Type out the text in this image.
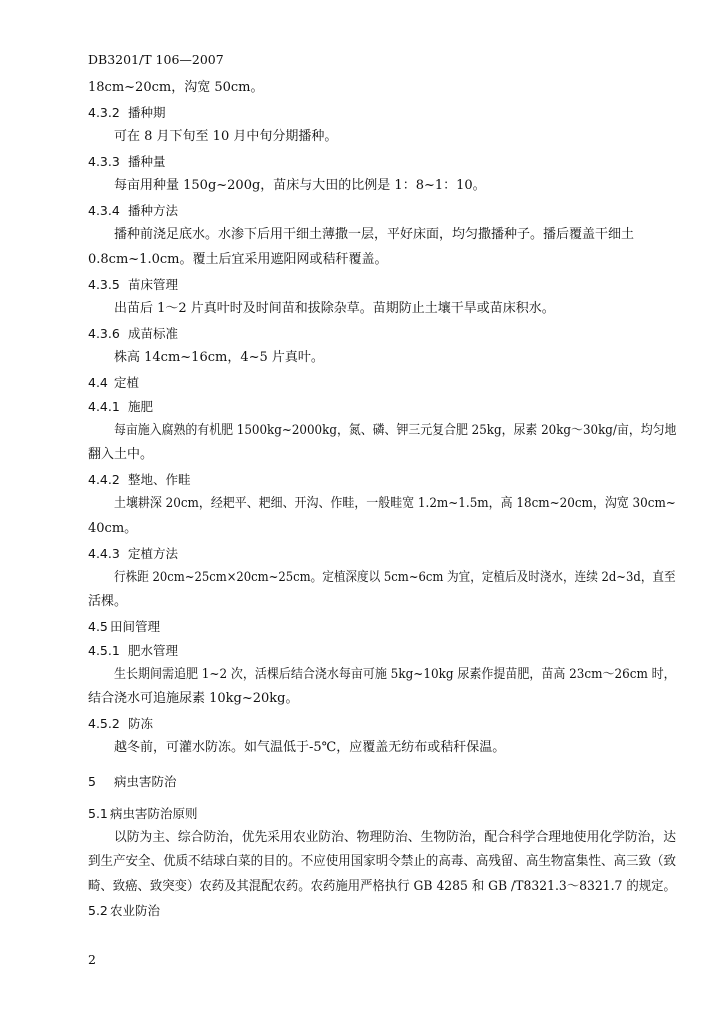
DB3201/T 106—2007
18cm~20cm，沟宽 50cm。
4.3.2 播种期
可在 8 月下旬至 10 月中旬分期播种。
4.3.3 播种量
每亩用种量 150g~200g，苗床与大田的比例是 1：8~1：10。
4.3.4 播种方法
播种前浇足底水。水渗下后用干细土薄撒一层，平好床面，均匀撒播种子。播后覆盖干细土
0.8cm~1.0cm。覆土后宜采用遮阳网或秸秆覆盖。
4.3.5 苗床管理
出苗后 1～2 片真叶时及时间苗和拔除杂草。苗期防止土壤干旱或苗床积水。
4.3.6 成苗标准
株高 14cm~16cm，4~5 片真叶。
4.4 定植
4.4.1 施肥
每亩施入腐熟的有机肥 1500kg~2000kg，氮、磷、钾三元复合肥 25kg，尿素 20kg～30kg/亩，均匀地
翻入土中。
4.4.2 整地、作畦
土壤耕深 20cm，经耙平、耙细、开沟、作畦，一般畦宽 1.2m~1.5m，高 18cm~20cm，沟宽 30cm~
40cm。
4.4.3 定植方法
行株距 20cm~25cm×20cm~25cm。定植深度以 5cm~6cm 为宜，定植后及时浇水，连续 2d~3d，直至
活棵。
4.5 田间管理
4.5.1 肥水管理
生长期间需追肥 1~2 次，活棵后结合浇水每亩可施 5kg~10kg 尿素作提苗肥，苗高 23cm～26cm 时，
结合浇水可追施尿素 10kg~20kg。
4.5.2 防冻
越冬前，可灌水防冻。如气温低于-5℃，应覆盖无纺布或秸秆保温。
5 病虫害防治
5.1 病虫害防治原则
以防为主、综合防治，优先采用农业防治、物理防治、生物防治，配合科学合理地使用化学防治，达
到生产安全、优质不结球白菜的目的。不应使用国家明令禁止的高毒、高残留、高生物富集性、高三致（致
畸、致癌、致突变）农药及其混配农药。农药施用严格执行 GB 4285 和 GB /T8321.3～8321.7 的规定。
5.2 农业防治
2
